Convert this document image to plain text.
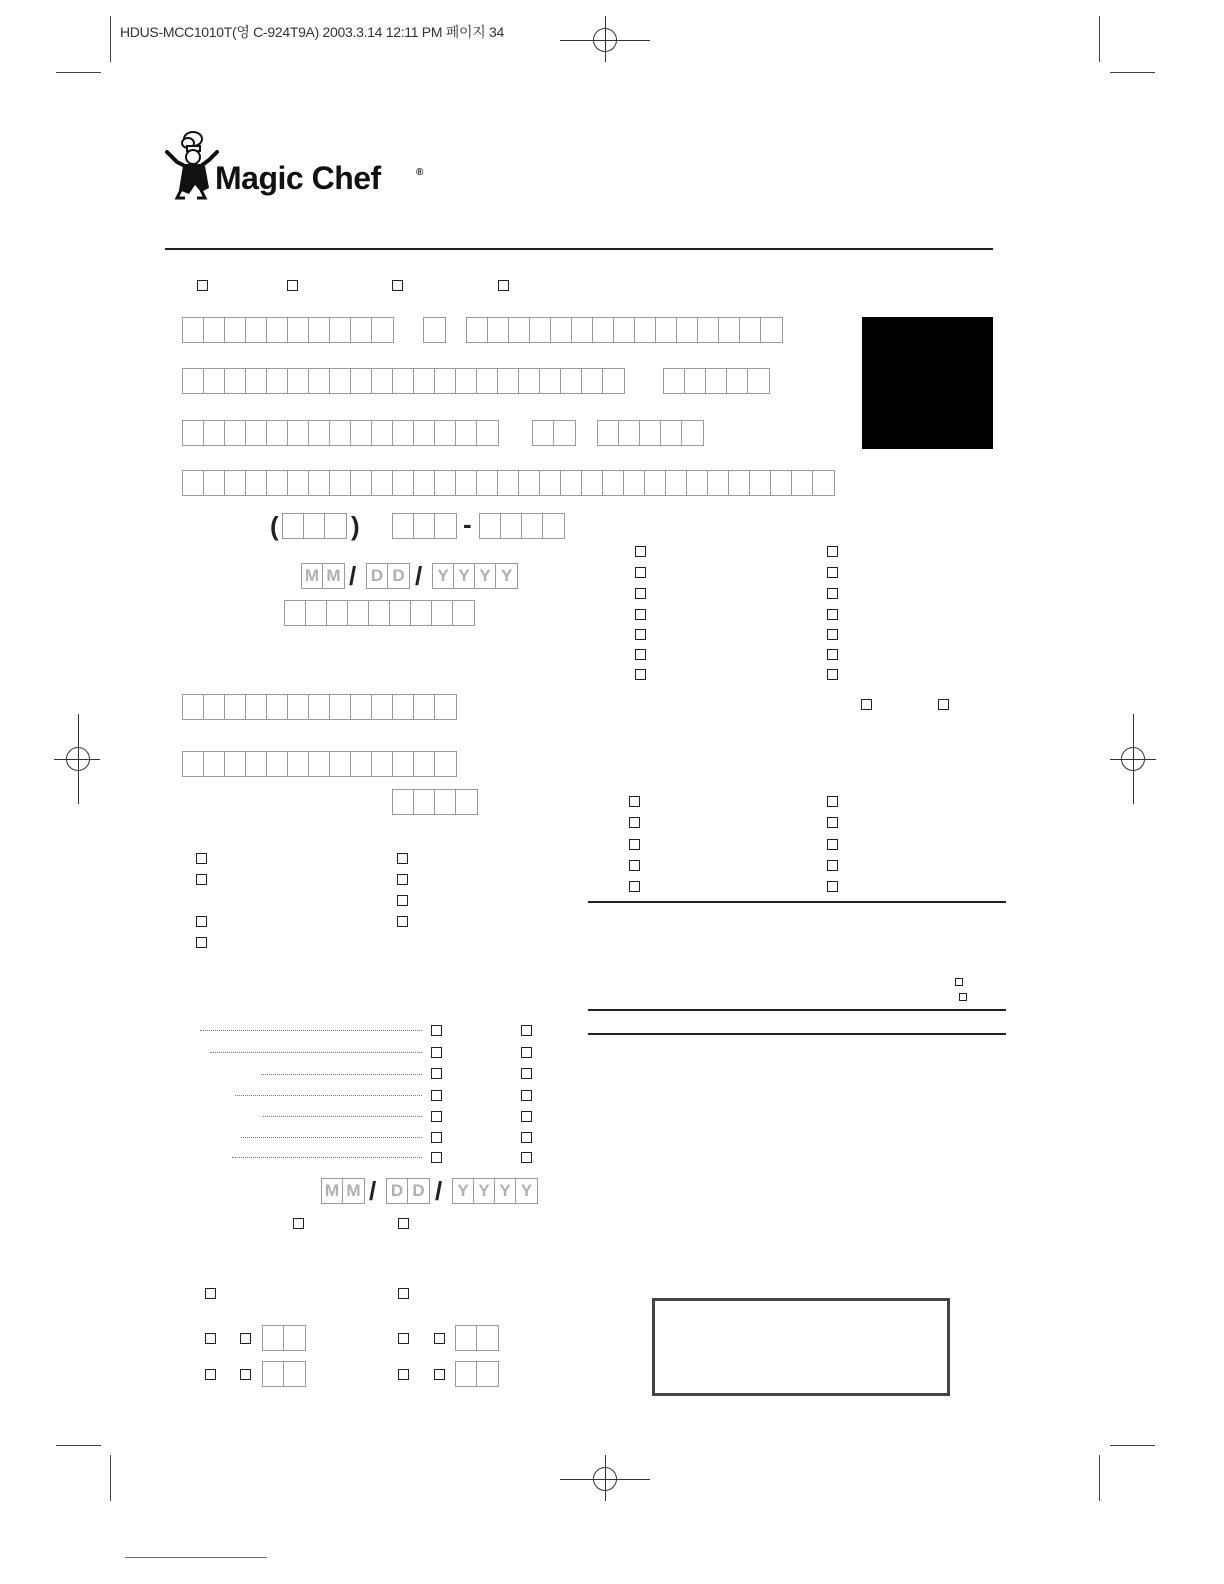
HDUS-MCC1010T(영 C-924T9A) 2003.3.14 12:11 PM 페이지 34
Magic Chef	®
(	)	-
M M / D D / Y Y Y Y
M M / D D / Y Y Y Y
